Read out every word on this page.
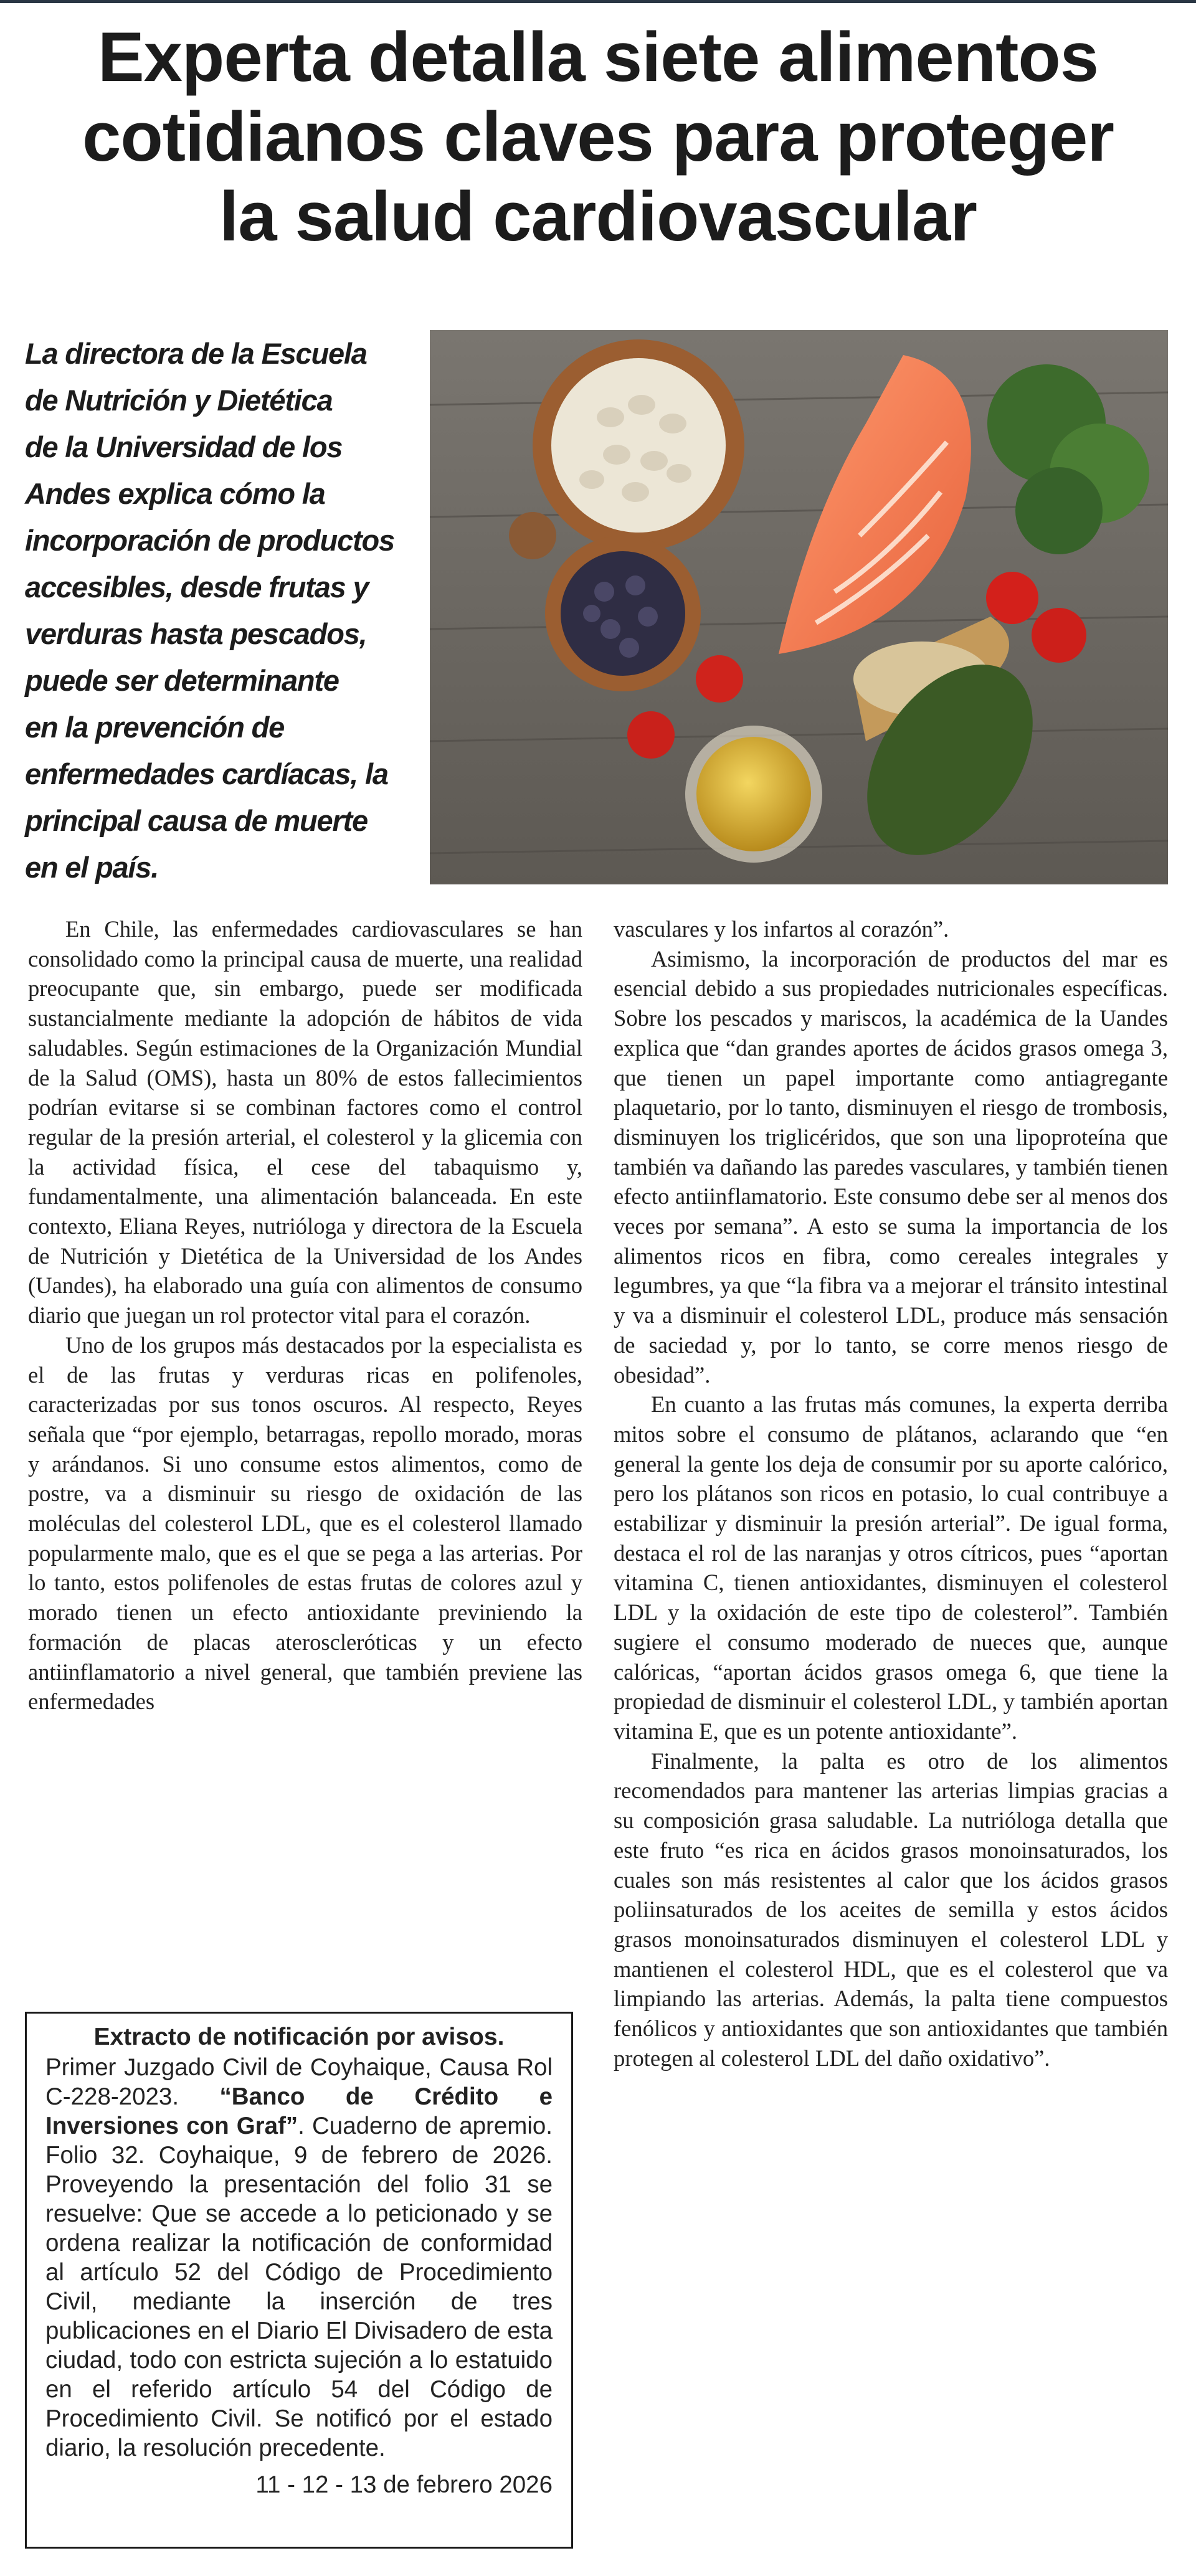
Experta detalla siete alimentos
cotidianos claves para proteger
la salud cardiovascular
La directora de la Escuela
de Nutrición y Dietética
de la Universidad de los
Andes explica cómo la
incorporación de productos
accesibles, desde frutas y
verduras hasta pescados,
puede ser determinante
en la prevención de
enfermedades cardíacas, la
principal causa de muerte
en el país.

En Chile, las enfermedades cardiovasculares se han consolidado como la principal causa de muerte, una realidad preocupante que, sin embargo, puede ser modificada sustancialmente mediante la adopción de hábitos de vida saludables. Según estimaciones de la Organización Mundial de la Salud (OMS), hasta un 80% de estos fallecimientos podrían evitarse si se combinan factores como el control regular de la presión arterial, el colesterol y la glicemia con la actividad física, el cese del tabaquismo y, fundamentalmente, una alimentación balanceada. En este contexto, Eliana Reyes, nutrióloga y directora de la Escuela de Nutrición y Dietética de la Universidad de los Andes (Uandes), ha elaborado una guía con alimentos de consumo diario que juegan un rol protector vital para el corazón.

Uno de los grupos más destacados por la especialista es el de las frutas y verduras ricas en polifenoles, caracterizadas por sus tonos oscuros. Al respecto, Reyes señala que “por ejemplo, betarragas, repollo morado, moras y arándanos. Si uno consume estos alimentos, como de postre, va a disminuir su riesgo de oxidación de las moléculas del colesterol LDL, que es el colesterol llamado popularmente malo, que es el que se pega a las arterias. Por lo tanto, estos polifenoles de estas frutas de colores azul y morado tienen un efecto antioxidante previniendo la formación de placas ateroscleróticas y un efecto antiinflamatorio a nivel general, que también previene las enfermedades

vasculares y los infartos al corazón”.

Asimismo, la incorporación de productos del mar es esencial debido a sus propiedades nutricionales específicas. Sobre los pescados y mariscos, la académica de la Uandes explica que “dan grandes aportes de ácidos grasos omega 3, que tienen un papel importante como antiagregante plaquetario, por lo tanto, disminuyen el riesgo de trombosis, disminuyen los triglicéridos, que son una lipoproteína que también va dañando las paredes vasculares, y también tienen efecto antiinflamatorio. Este consumo debe ser al menos dos veces por semana”. A esto se suma la importancia de los alimentos ricos en fibra, como cereales integrales y legumbres, ya que “la fibra va a mejorar el tránsito intestinal y va a disminuir el colesterol LDL, produce más sensación de saciedad y, por lo tanto, se corre menos riesgo de obesidad”.

En cuanto a las frutas más comunes, la experta derriba mitos sobre el consumo de plátanos, aclarando que “en general la gente los deja de consumir por su aporte calórico, pero los plátanos son ricos en potasio, lo cual contribuye a estabilizar y disminuir la presión arterial”. De igual forma, destaca el rol de las naranjas y otros cítricos, pues “aportan vitamina C, tienen antioxidantes, disminuyen el colesterol LDL y la oxidación de este tipo de colesterol”. También sugiere el consumo moderado de nueces que, aunque calóricas, “aportan ácidos grasos omega 6, que tiene la propiedad de disminuir el colesterol LDL, y también aportan vitamina E, que es un potente antioxidante”.

Finalmente, la palta es otro de los alimentos recomendados para mantener las arterias limpias gracias a su composición grasa saludable. La nutrióloga detalla que este fruto “es rica en ácidos grasos monoinsaturados, los cuales son más resistentes al calor que los ácidos grasos poliinsaturados de los aceites de semilla y estos ácidos grasos monoinsaturados disminuyen el colesterol LDL y mantienen el colesterol HDL, que es el colesterol que va limpiando las arterias. Además, la palta tiene compuestos fenólicos y antioxidantes que son antioxidantes que también protegen al colesterol LDL del daño oxidativo”.

Extracto de notificación por avisos.
Primer Juzgado Civil de Coyhaique, Causa Rol C-228-2023. “Banco de Crédito e Inversiones con Graf”. Cuaderno de apremio. Folio 32. Coyhaique, 9 de febrero de 2026. Proveyendo la presentación del folio 31 se resuelve: Que se accede a lo peticionado y se ordena realizar la notificación de conformidad al artículo 52 del Código de Procedimiento Civil, mediante la inserción de tres publicaciones en el Diario El Divisadero de esta ciudad, todo con estricta sujeción a lo estatuido en el referido artículo 54 del Código de Procedimiento Civil. Se notificó por el estado diario, la resolución precedente.
11 - 12 - 13 de febrero 2026
